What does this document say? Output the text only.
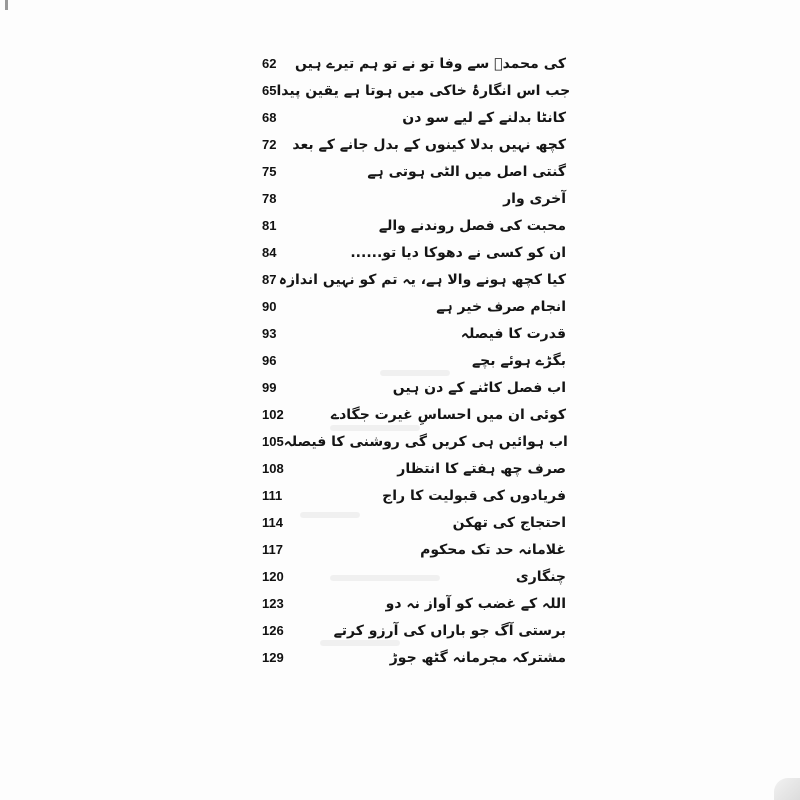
62	کی محمدؐ سے وفا تو نے تو ہم تیرے ہیں
65 جب اس انگارۂ خاکی میں ہوتا ہے یقین پیدا
68	کانٹا بدلنے کے لیے سو دن
72	کچھ نہیں بدلا کینوں کے بدل جانے کے بعد
75	گنتی اصل میں الٹی ہوتی ہے
78	آخری وار
81	محبت کی فصل روندنے والے
84	ان کو کسی نے دھوکا دیا تو......
87 کیا کچھ ہونے والا ہے، یہ تم کو نہیں اندازہ
90	انجام صرف خیر ہے
93	قدرت کا فیصلہ
96	بگڑے ہوئے بچے
99	اب فصل کاٹنے کے دن ہیں
102	کوئی ان میں احساسِ غیرت جگادے
105 اب ہوائیں ہی کریں گی روشنی کا فیصلہ
108	صرف چھ ہفتے کا انتظار
111	فریادوں کی قبولیت کا راج
114	احتجاج کی تھکن
117	غلامانہ حد تک محکوم
120	چنگاری
123	اللہ کے غضب کو آواز نہ دو
126	برستی آگ جو باراں کی آرزو کرتے
129	مشترکہ مجرمانہ گٹھ جوڑ
